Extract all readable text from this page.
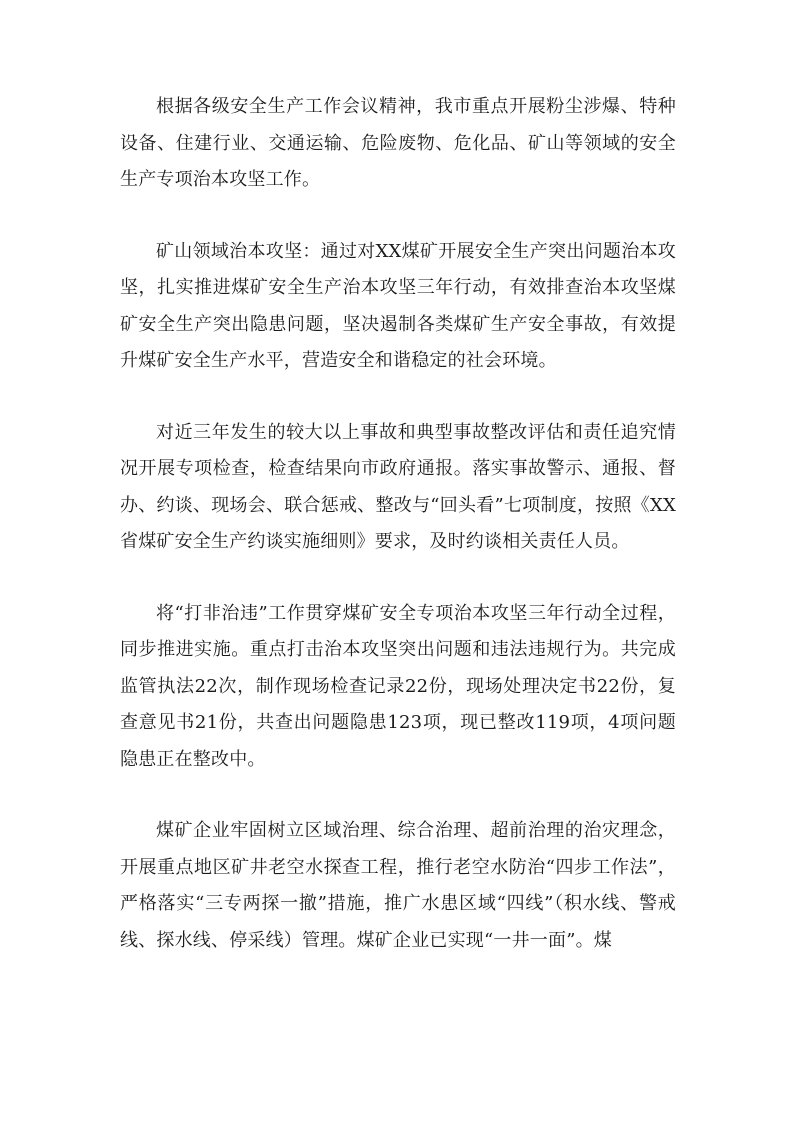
根据各级安全生产工作会议精神，我市重点开展粉尘涉爆、特种设备、住建行业、交通运输、危险废物、危化品、矿山等领域的安全生产专项治本攻坚工作。

矿山领域治本攻坚：通过对XX煤矿开展安全生产突出问题治本攻坚，扎实推进煤矿安全生产治本攻坚三年行动，有效排查治本攻坚煤矿安全生产突出隐患问题，坚决遏制各类煤矿生产安全事故，有效提升煤矿安全生产水平，营造安全和谐稳定的社会环境。

对近三年发生的较大以上事故和典型事故整改评估和责任追究情况开展专项检查，检查结果向市政府通报。落实事故警示、通报、督办、约谈、现场会、联合惩戒、整改与“回头看”七项制度，按照《XX省煤矿安全生产约谈实施细则》要求，及时约谈相关责任人员。

将“打非治违”工作贯穿煤矿安全专项治本攻坚三年行动全过程，同步推进实施。重点打击治本攻坚突出问题和违法违规行为。共完成监管执法22次，制作现场检查记录22份，现场处理决定书22份，复查意见书21份，共查出问题隐患123项，现已整改119项，4项问题隐患正在整改中。

煤矿企业牢固树立区域治理、综合治理、超前治理的治灾理念，开展重点地区矿井老空水探查工程，推行老空水防治“四步工作法”，严格落实“三专两探一撤”措施，推广水患区域“四线”（积水线、警戒线、探水线、停采线）管理。煤矿企业已实现“一井一面”。煤
